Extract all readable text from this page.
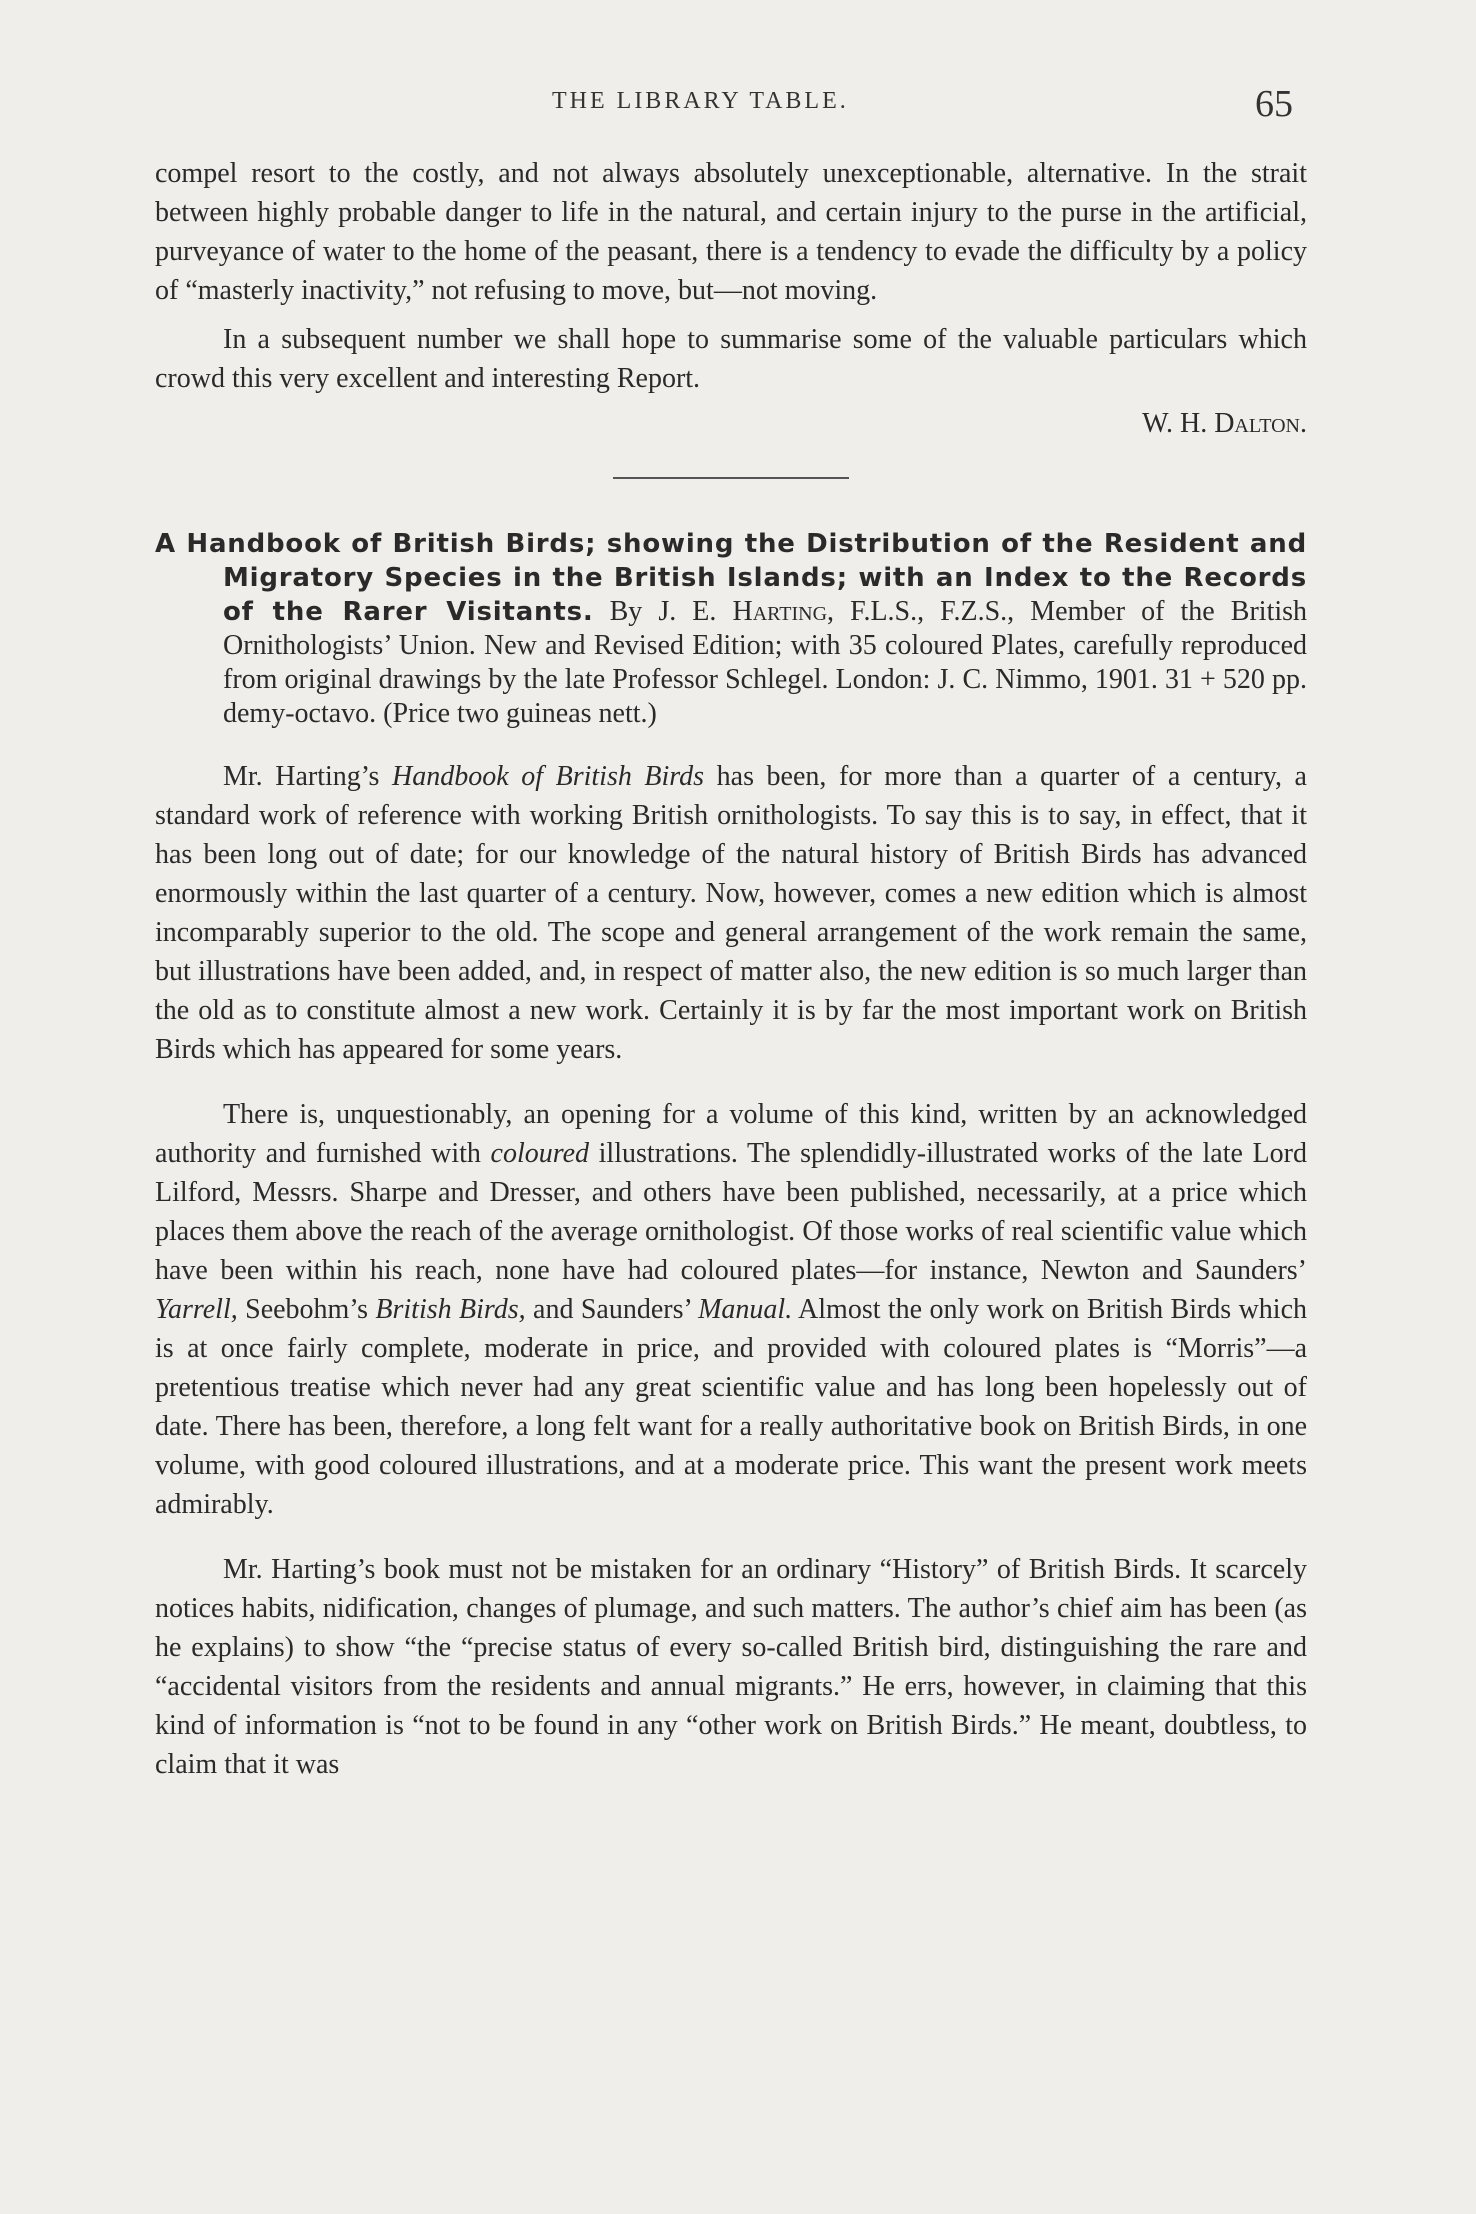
THE LIBRARY TABLE.	65

compel resort to the costly, and not always absolutely unexceptionable, alternative. In the strait between highly probable danger to life in the natural, and certain injury to the purse in the artificial, purveyance of water to the home of the peasant, there is a tendency to evade the difficulty by a policy of “masterly inactivity,” not refusing to move, but—not moving.

In a subsequent number we shall hope to summarise some of the valuable particulars which crowd this very excellent and interesting Report.

W. H. Dalton.

A Handbook of British Birds; showing the Distribution of the Resident and Migratory Species in the British Islands; with an Index to the Records of the Rarer Visitants. By J. E. Harting, F.L.S., F.Z.S., Member of the British Ornithologists’ Union. New and Revised Edition; with 35 coloured Plates, carefully reproduced from original drawings by the late Professor Schlegel. London: J. C. Nimmo, 1901. 31 + 520 pp. demy-octavo. (Price two guineas nett.)

Mr. Harting’s Handbook of British Birds has been, for more than a quarter of a century, a standard work of reference with working British ornithologists. To say this is to say, in effect, that it has been long out of date; for our knowledge of the natural history of British Birds has advanced enormously within the last quarter of a century. Now, however, comes a new edition which is almost incomparably superior to the old. The scope and general arrangement of the work remain the same, but illustrations have been added, and, in respect of matter also, the new edition is so much larger than the old as to constitute almost a new work. Certainly it is by far the most important work on British Birds which has appeared for some years.

There is, unquestionably, an opening for a volume of this kind, written by an acknowledged authority and furnished with coloured illustrations. The splendidly-illustrated works of the late Lord Lilford, Messrs. Sharpe and Dresser, and others have been published, necessarily, at a price which places them above the reach of the average ornithologist. Of those works of real scientific value which have been within his reach, none have had coloured plates—for instance, Newton and Saunders’ Yarrell, Seebohm’s British Birds, and Saunders’ Manual. Almost the only work on British Birds which is at once fairly complete, moderate in price, and provided with coloured plates is “Morris”—a pretentious treatise which never had any great scientific value and has long been hopelessly out of date. There has been, therefore, a long felt want for a really authoritative book on British Birds, in one volume, with good coloured illustrations, and at a moderate price. This want the present work meets admirably.

Mr. Harting’s book must not be mistaken for an ordinary “History” of British Birds. It scarcely notices habits, nidification, changes of plumage, and such matters. The author’s chief aim has been (as he explains) to show “the “precise status of every so-called British bird, distinguishing the rare and “accidental visitors from the residents and annual migrants.” He errs, however, in claiming that this kind of information is “not to be found in any “other work on British Birds.” He meant, doubtless, to claim that it was
